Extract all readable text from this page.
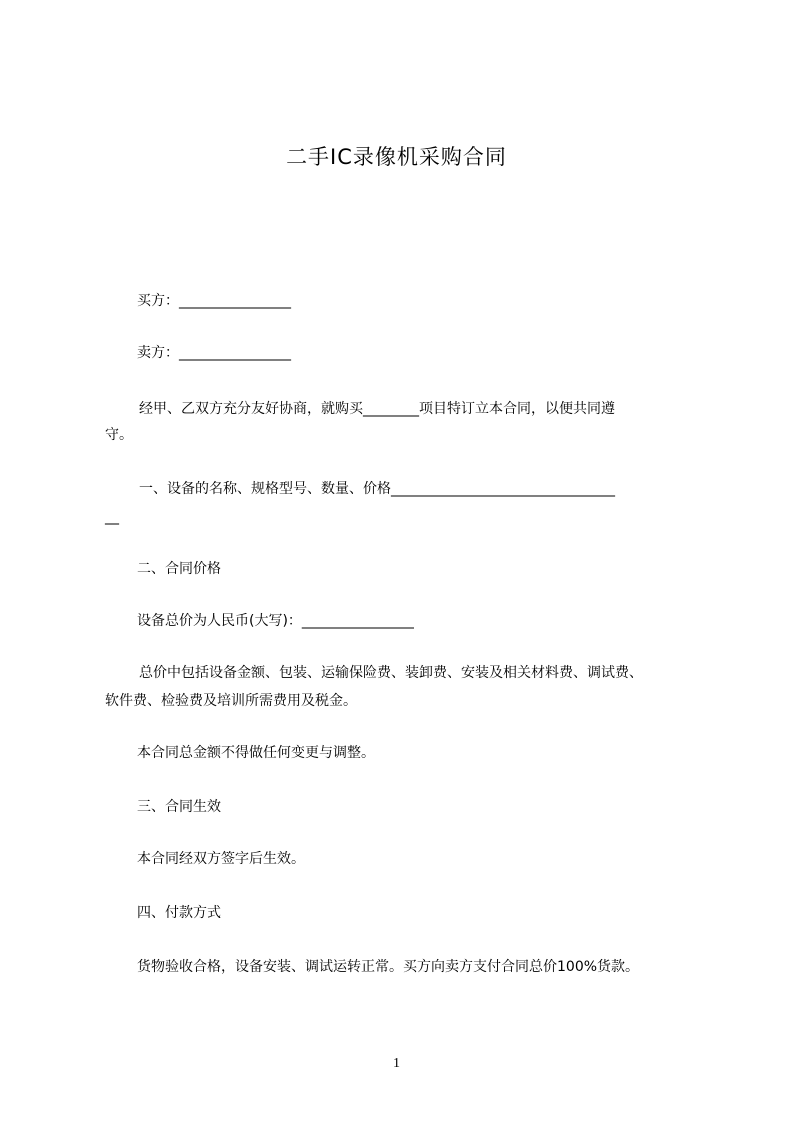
二手IC录像机采购合同

买方：________________

卖方：________________

经甲、乙双方充分友好协商，就购买________项目特订立本合同，以便共同遵

守。

一、设备的名称、规格型号、数量、价格________________________________

__

二、合同价格

设备总价为人民币(大写)：________________

总价中包括设备金额、包装、运输保险费、装卸费、安装及相关材料费、调试费、

软件费、检验费及培训所需费用及税金。

本合同总金额不得做任何变更与调整。

三、合同生效

本合同经双方签字后生效。

四、付款方式

货物验收合格，设备安装、调试运转正常。买方向卖方支付合同总价100%货款。

1
